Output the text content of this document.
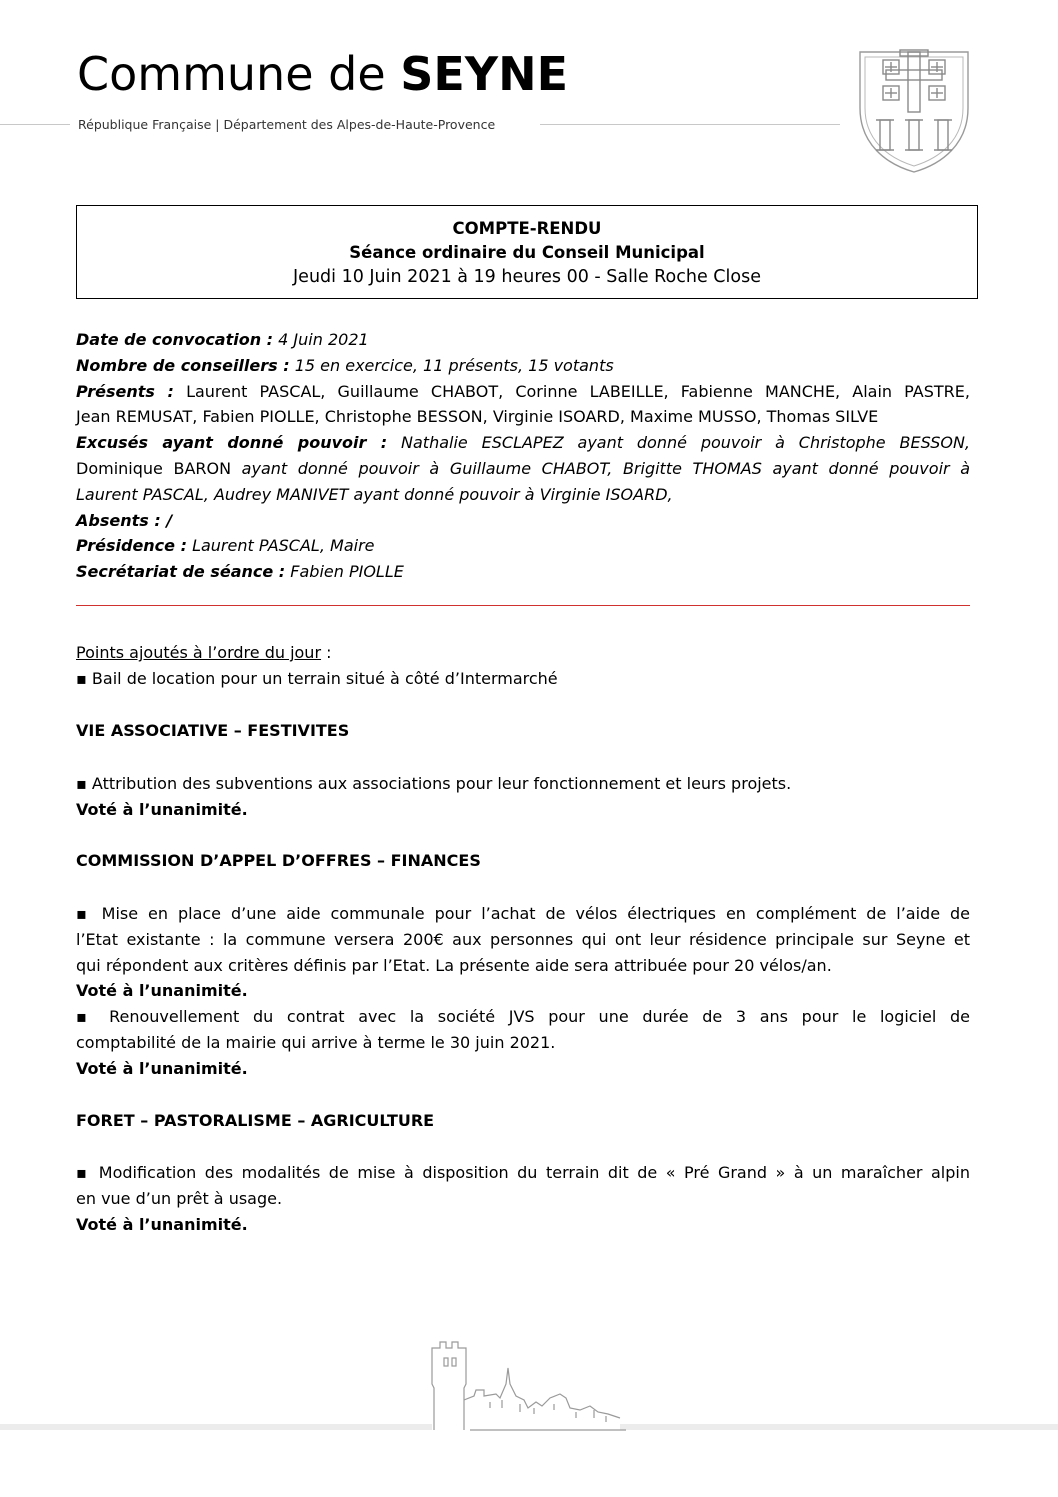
Commune de SEYNE
République Française | Département des Alpes-de-Haute-Provence
COMPTE-RENDU
Séance ordinaire du Conseil Municipal
Jeudi 10 Juin 2021 à 19 heures 00 - Salle Roche Close

Date de convocation : 4 Juin 2021

Nombre de conseillers : 15 en exercice, 11 présents, 15 votants

Présents : Laurent PASCAL, Guillaume CHABOT, Corinne LABEILLE, Fabienne MANCHE, Alain PASTRE,

Jean REMUSAT, Fabien PIOLLE, Christophe BESSON, Virginie ISOARD, Maxime MUSSO, Thomas SILVE

Excusés ayant donné pouvoir : Nathalie ESCLAPEZ ayant donné pouvoir à Christophe BESSON,

Dominique BARON ayant donné pouvoir à Guillaume CHABOT, Brigitte THOMAS ayant donné pouvoir à

Laurent PASCAL, Audrey MANIVET ayant donné pouvoir à Virginie ISOARD,

Absents : /

Présidence : Laurent PASCAL, Maire

Secrétariat de séance : Fabien PIOLLE

Points ajoutés à l’ordre du jour :

▪ Bail de location pour un terrain situé à côté d’Intermarché

VIE ASSOCIATIVE – FESTIVITES

▪ Attribution des subventions aux associations pour leur fonctionnement et leurs projets.

Voté à l’unanimité.

COMMISSION D’APPEL D’OFFRES – FINANCES

▪ Mise en place d’une aide communale pour l’achat de vélos électriques en complément de l’aide de

l’Etat existante : la commune versera 200€ aux personnes qui ont leur résidence principale sur Seyne et

qui répondent aux critères définis par l’Etat. La présente aide sera attribuée pour 20 vélos/an.

Voté à l’unanimité.

▪ Renouvellement du contrat avec la société JVS pour une durée de 3 ans pour le logiciel de

comptabilité de la mairie qui arrive à terme le 30 juin 2021.

Voté à l’unanimité.

FORET – PASTORALISME – AGRICULTURE

▪ Modification des modalités de mise à disposition du terrain dit de « Pré Grand » à un maraîcher alpin

en vue d’un prêt à usage.

Voté à l’unanimité.
